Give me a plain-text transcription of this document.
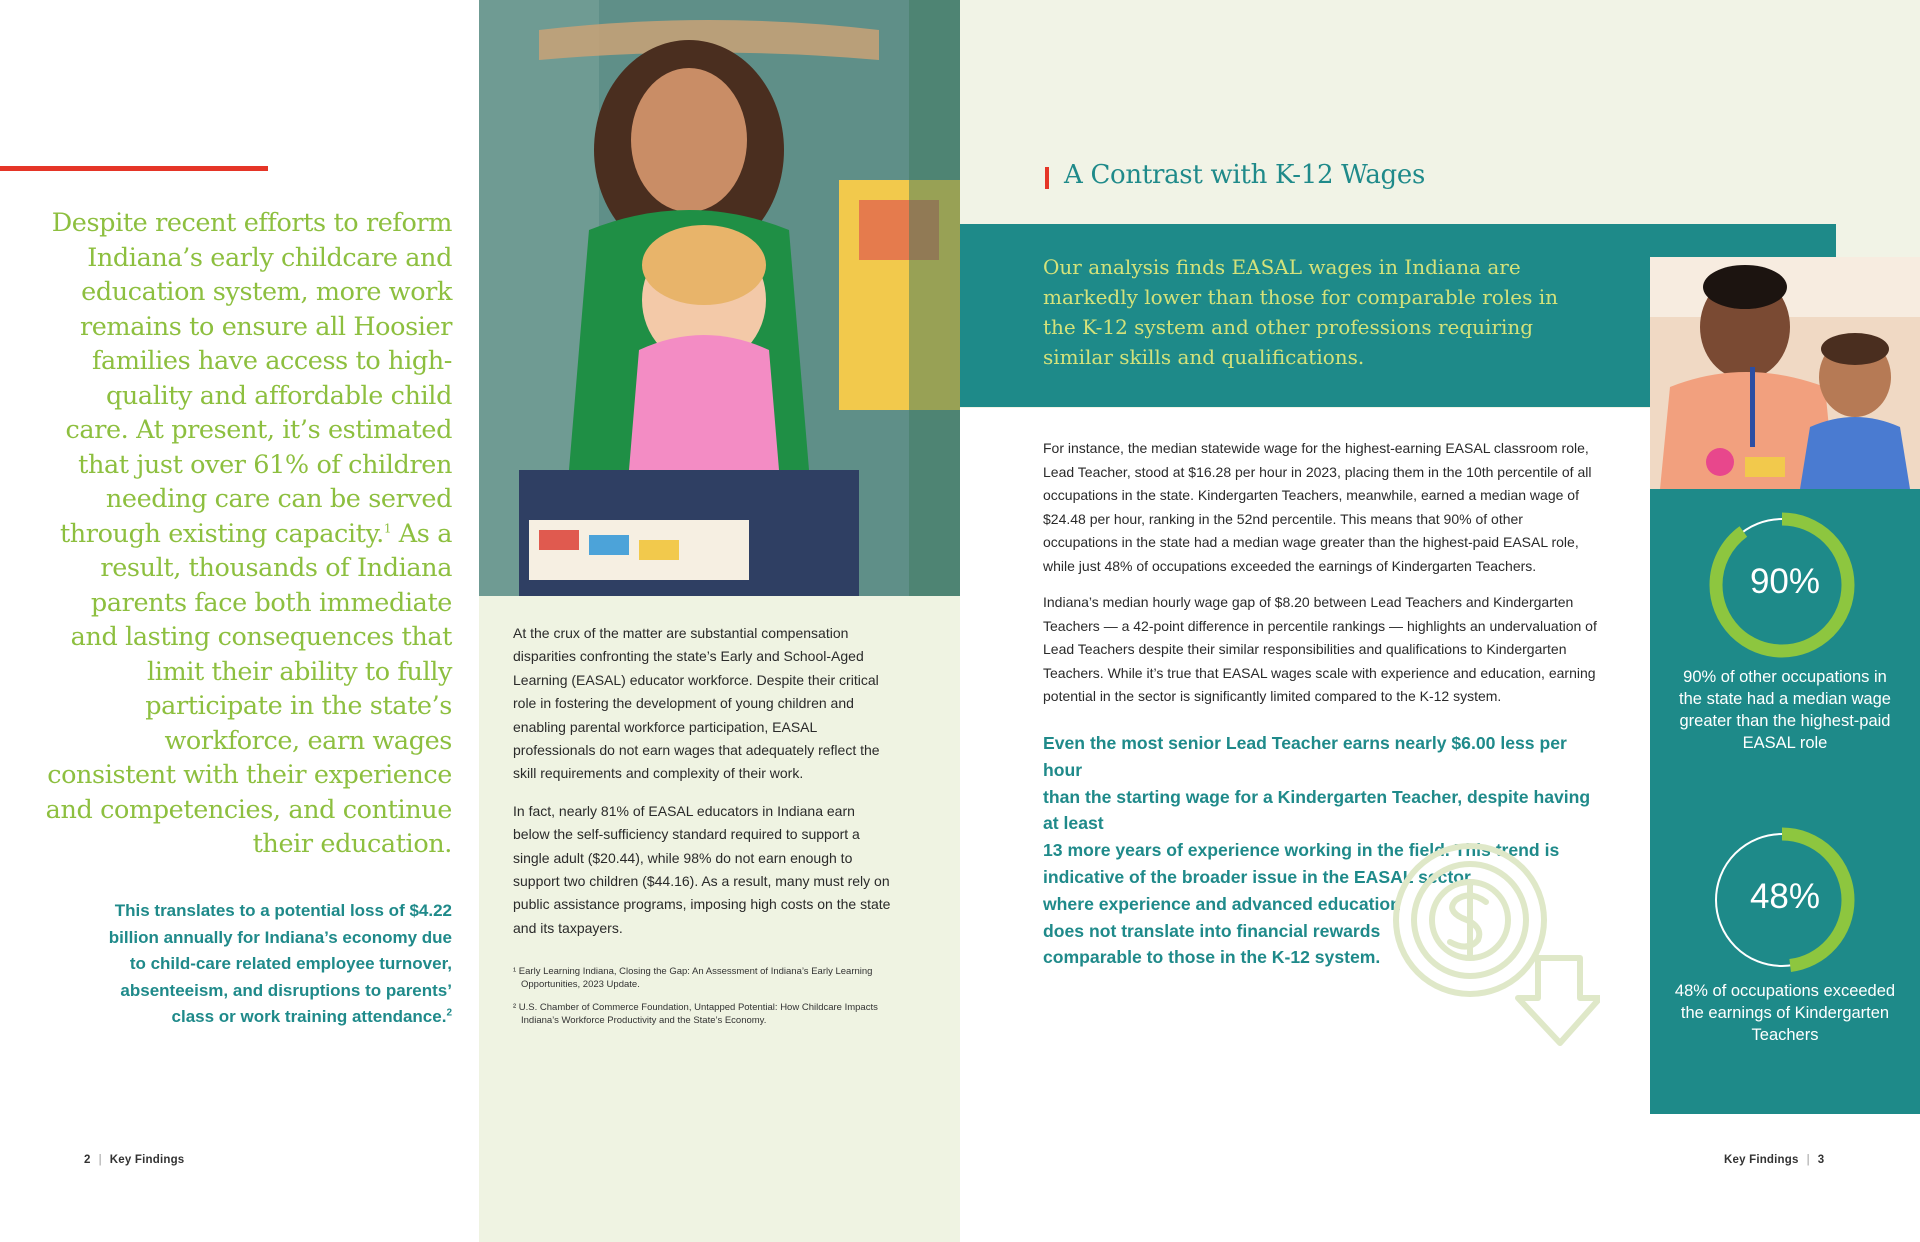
Despite recent efforts to reform Indiana’s early childcare and education system, more work remains to ensure all Hoosier families have access to high-quality and affordable child care. At present, it’s estimated that just over 61% of children needing care can be served through existing capacity.$^1$ As a result, thousands of Indiana parents face both immediate and lasting consequences that limit their ability to fully participate in the state’s workforce, earn wages consistent with their experience and competencies, and continue their education.
This translates to a potential loss of $4.22 billion annually for Indiana’s economy due to child-care related employee turnover, absenteeism, and disruptions to parents’ class or work training attendance.$^2$
2 | Key Findings

At the crux of the matter are substantial compensation disparities confronting the state’s Early and School-Aged Learning (EASAL) educator workforce. Despite their critical role in fostering the development of young children and enabling parental workforce participation, EASAL professionals do not earn wages that adequately reflect the skill requirements and complexity of their work.

In fact, nearly 81% of EASAL educators in Indiana earn below the self-sufficiency standard required to support a single adult ($20.44), while 98% do not earn enough to support two children ($44.16). As a result, many must rely on public assistance programs, imposing high costs on the state and its taxpayers.

¹ Early Learning Indiana, Closing the Gap: An Assessment of Indiana’s Early Learning Opportunities, 2023 Update.
² U.S. Chamber of Commerce Foundation, Untapped Potential: How Childcare Impacts Indiana’s Workforce Productivity and the State’s Economy.
A Contrast with K-12 Wages
Our analysis finds EASAL wages in Indiana are markedly lower than those for comparable roles in the K-12 system and other professions requiring similar skills and qualifications.

For instance, the median statewide wage for the highest-earning EASAL classroom role, Lead Teacher, stood at $16.28 per hour in 2023, placing them in the 10th percentile of all occupations in the state. Kindergarten Teachers, meanwhile, earned a median wage of $24.48 per hour, ranking in the 52nd percentile. This means that 90% of other occupations in the state had a median wage greater than the highest-paid EASAL role, while just 48% of occupations exceeded the earnings of Kindergarten Teachers.

Indiana’s median hourly wage gap of $8.20 between Lead Teachers and Kindergarten Teachers — a 42-point difference in percentile rankings — highlights an undervaluation of Lead Teachers despite their similar responsibilities and qualifications to Kindergarten Teachers. While it’s true that EASAL wages scale with experience and education, earning potential in the sector is significantly limited compared to the K-12 system.

Even the most senior Lead Teacher earns nearly $6.00 less per hour
than the starting wage for a Kindergarten Teacher, despite having at least
13 more years of experience working in the field. This trend is
indicative of the broader issue in the EASAL sector,
where experience and advanced education
does not translate into financial rewards
comparable to those in the K-12 system.
90%
90% of other occupations in the state had a median wage greater than the highest-paid EASAL role
48%
48% of occupations exceeded the earnings of Kindergarten Teachers
Key Findings | 3
